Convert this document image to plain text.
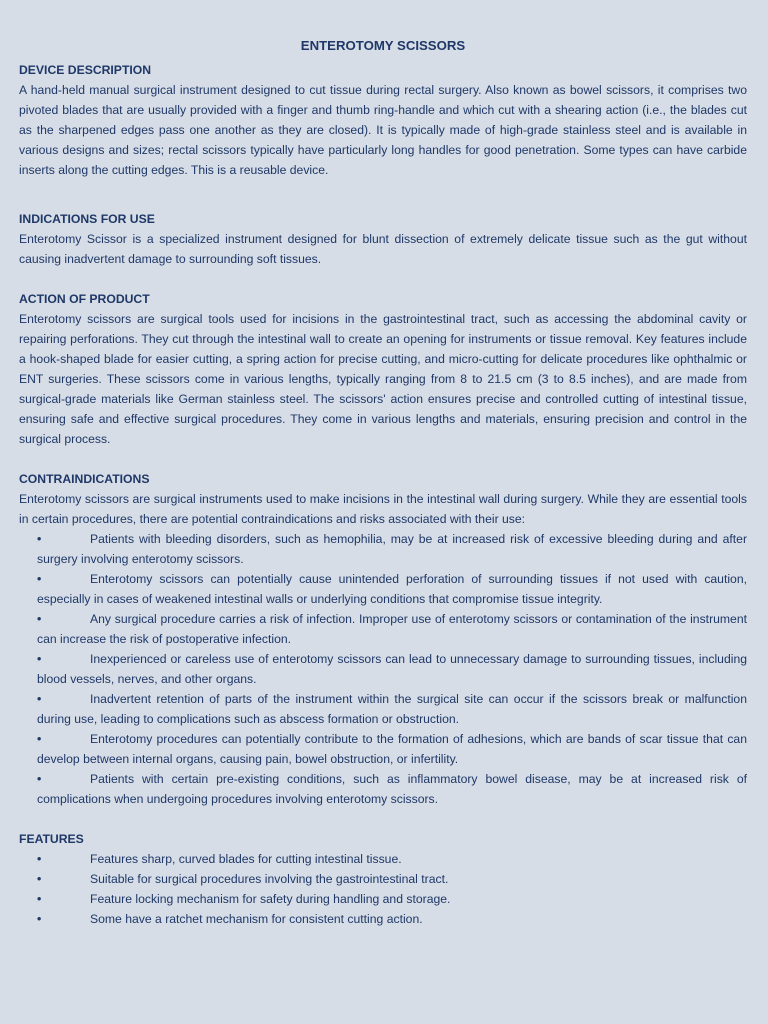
ENTEROTOMY SCISSORS
DEVICE DESCRIPTION

A hand-held manual surgical instrument designed to cut tissue during rectal surgery. Also known as bowel scissors, it comprises two pivoted blades that are usually provided with a finger and thumb ring-handle and which cut with a shearing action (i.e., the blades cut as the sharpened edges pass one another as they are closed). It is typically made of high-grade stainless steel and is available in various designs and sizes; rectal scissors typically have particularly long handles for good penetration. Some types can have carbide inserts along the cutting edges. This is a reusable device.

INDICATIONS FOR USE

Enterotomy Scissor is a specialized instrument designed for blunt dissection of extremely delicate tissue such as the gut without causing inadvertent damage to surrounding soft tissues.

ACTION OF PRODUCT

Enterotomy scissors are surgical tools used for incisions in the gastrointestinal tract, such as accessing the abdominal cavity or repairing perforations. They cut through the intestinal wall to create an opening for instruments or tissue removal. Key features include a hook-shaped blade for easier cutting, a spring action for precise cutting, and micro-cutting for delicate procedures like ophthalmic or ENT surgeries. These scissors come in various lengths, typically ranging from 8 to 21.5 cm (3 to 8.5 inches), and are made from surgical-grade materials like German stainless steel. The scissors' action ensures precise and controlled cutting of intestinal tissue, ensuring safe and effective surgical procedures. They come in various lengths and materials, ensuring precision and control in the surgical process.

CONTRAINDICATIONS

Enterotomy scissors are surgical instruments used to make incisions in the intestinal wall during surgery. While they are essential tools in certain procedures, there are potential contraindications and risks associated with their use:

•	Patients with bleeding disorders, such as hemophilia, may be at increased risk of excessive bleeding during and after surgery involving enterotomy scissors.
•	Enterotomy scissors can potentially cause unintended perforation of surrounding tissues if not used with caution, especially in cases of weakened intestinal walls or underlying conditions that compromise tissue integrity.
•	Any surgical procedure carries a risk of infection. Improper use of enterotomy scissors or contamination of the instrument can increase the risk of postoperative infection.
•	Inexperienced or careless use of enterotomy scissors can lead to unnecessary damage to surrounding tissues, including blood vessels, nerves, and other organs.
•	Inadvertent retention of parts of the instrument within the surgical site can occur if the scissors break or malfunction during use, leading to complications such as abscess formation or obstruction.
•	Enterotomy procedures can potentially contribute to the formation of adhesions, which are bands of scar tissue that can develop between internal organs, causing pain, bowel obstruction, or infertility.
•	Patients with certain pre-existing conditions, such as inflammatory bowel disease, may be at increased risk of complications when undergoing procedures involving enterotomy scissors.
FEATURES
•	Features sharp, curved blades for cutting intestinal tissue.
•	Suitable for surgical procedures involving the gastrointestinal tract.
•	Feature locking mechanism for safety during handling and storage.
•	Some have a ratchet mechanism for consistent cutting action.
